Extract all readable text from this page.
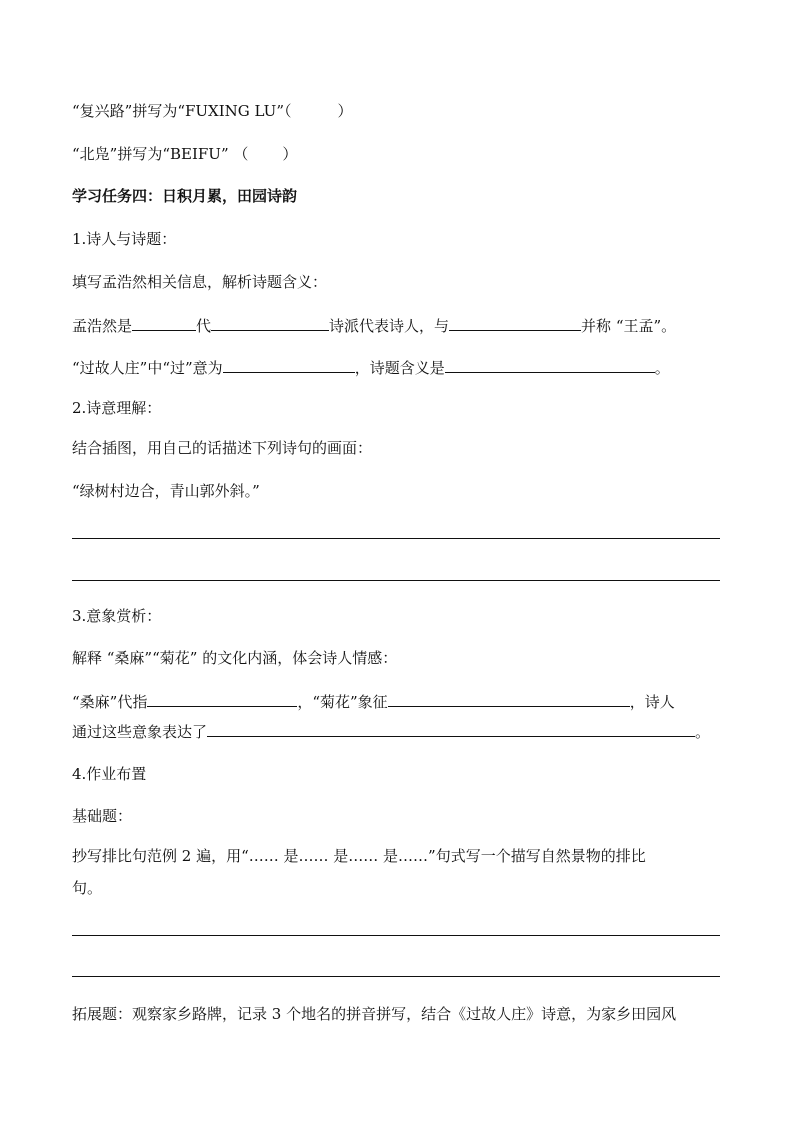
“复兴路”拼写为“FUXING LU”（	）
“北凫”拼写为“BEIFU” （ ）
学习任务四：日积月累，田园诗韵
1.诗人与诗题：
填写孟浩然相关信息，解析诗题含义：
孟浩然是	代	诗派代表诗人，与	并称 “王孟”。
“过故人庄”中“过”意为	，诗题含义是	。
2.诗意理解：
结合插图，用自己的话描述下列诗句的画面：
“绿树村边合，青山郭外斜。”
3.意象赏析：
解释 “桑麻”“菊花” 的文化内涵，体会诗人情感：
“桑麻”代指	，“菊花”象征	，诗人
通过这些意象表达了	。
4.作业布置
基础题：
抄写排比句范例 2 遍，用“…… 是…… 是…… 是……”句式写一个描写自然景物的排比
句。
拓展题：观察家乡路牌，记录 3 个地名的拼音拼写，结合《过故人庄》诗意，为家乡田园风
